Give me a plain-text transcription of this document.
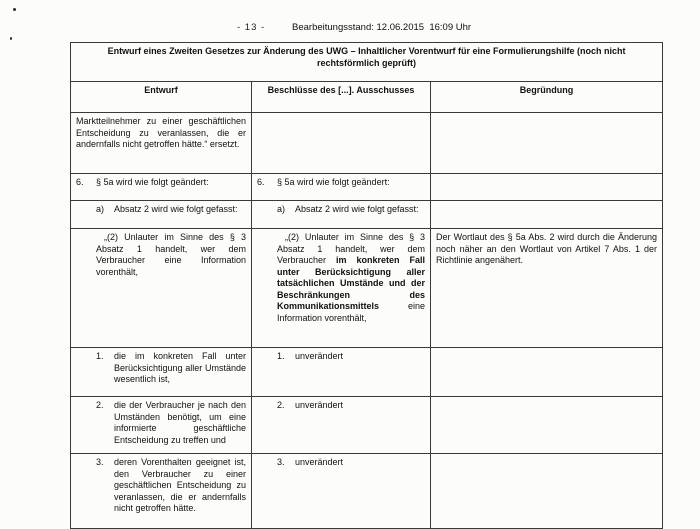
- 13 -	Bearbeitungsstand: 12.06.2015  16:09 Uhr
Entwurf eines Zweiten Gesetzes zur Änderung des UWG – Inhaltlicher Vorentwurf für eine Formulierungshilfe (noch nicht rechtsförmlich geprüft)		
Entwurf	Beschlüsse des [...]. Ausschusses	Begründung

Marktteilnehmer zu einer geschäftlichen Entscheidung zu veranlassen, die er andernfalls nicht getroffen hätte.“ ersetzt.		

6. § 5a wird wie folgt geändert:	6. § 5a wird wie folgt geändert:	

a) Absatz 2 wird wie folgt gefasst:	a) Absatz 2 wird wie folgt gefasst:	

„(2) Unlauter im Sinne des § 3 Absatz 1 handelt, wer dem Verbraucher eine Information vorenthält,	„(2) Unlauter im Sinne des § 3 Absatz 1 handelt, wer dem Verbraucher im konkreten Fall unter Berücksichtigung aller tatsächlichen Umstände und der Beschränkungen des Kommunikationsmittels eine Information vorenthält,	Der Wortlaut des § 5a Abs. 2 wird durch die Änderung noch näher an den Wortlaut von Artikel 7 Abs. 1 der Richtlinie angenähert.

1. die im konkreten Fall unter Berücksichtigung aller Umstände wesentlich ist,	1. unverändert	

2. die der Verbraucher je nach den Umständen benötigt, um eine informierte geschäftliche Entscheidung zu treffen und	2. unverändert	

3. deren Vorenthalten geeignet ist, den Verbraucher zu einer geschäftlichen Entscheidung zu veranlassen, die er andernfalls nicht getroffen hätte.	3. unverändert	
